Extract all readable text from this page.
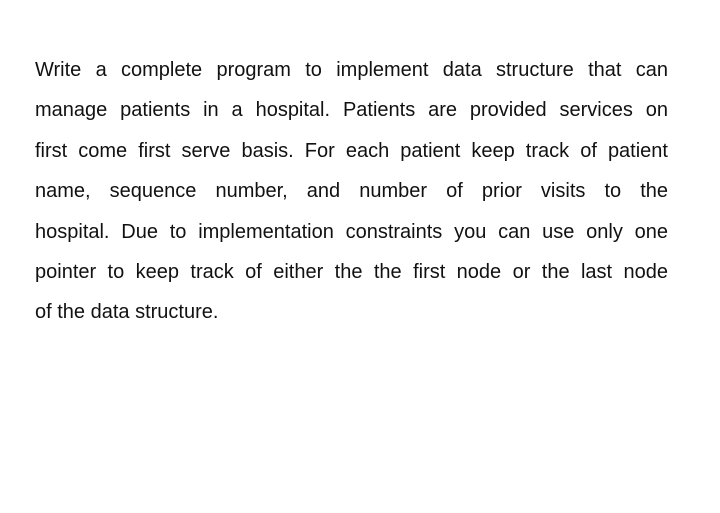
Write a complete program to implement data structure that can
manage patients in a hospital. Patients are provided services on
first come first serve basis. For each patient keep track of patient
name, sequence number, and number of prior visits to the
hospital. Due to implementation constraints you can use only one
pointer to keep track of either the the first node or the last node
of the data structure.
